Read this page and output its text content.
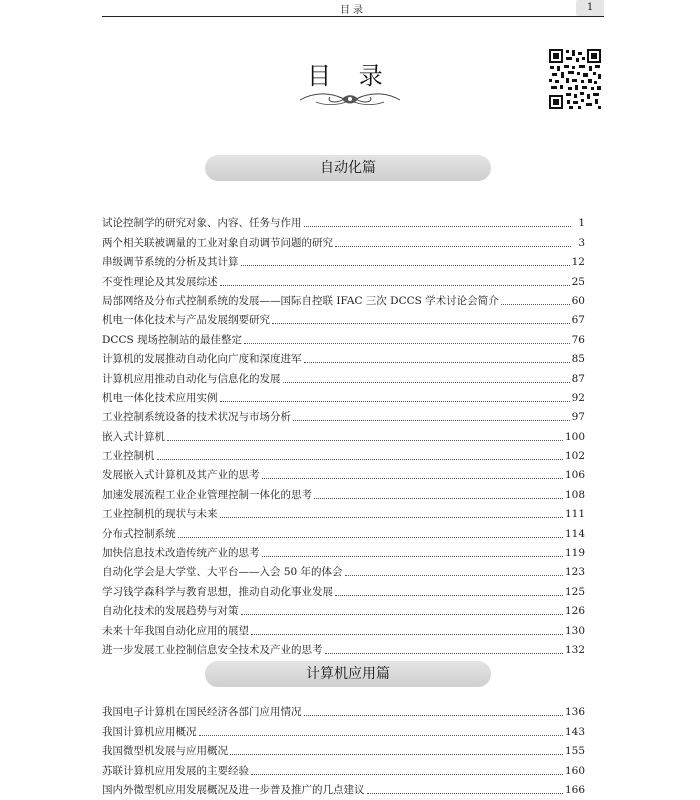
目录	1
目 录
自动化篇
试论控制学的研究对象、内容、任务与作用	1
两个相关联被调量的工业对象自动调节问题的研究	3
串级调节系统的分析及其计算	12
不变性理论及其发展综述	25
局部网络及分布式控制系统的发展——国际自控联 IFAC 三次 DCCS 学术讨论会简介	60
机电一体化技术与产品发展纲要研究	67
DCCS 现场控制站的最佳整定	76
计算机的发展推动自动化向广度和深度进军	85
计算机应用推动自动化与信息化的发展	87
机电一体化技术应用实例	92
工业控制系统设备的技术状况与市场分析	97
嵌入式计算机	100
工业控制机	102
发展嵌入式计算机及其产业的思考	106
加速发展流程工业企业管理控制一体化的思考	108
工业控制机的现状与未来	111
分布式控制系统	114
加快信息技术改造传统产业的思考	119
自动化学会是大学堂、大平台——入会 50 年的体会	123
学习钱学森科学与教育思想，推动自动化事业发展	125
自动化技术的发展趋势与对策	126
未来十年我国自动化应用的展望	130
进一步发展工业控制信息安全技术及产业的思考	132
计算机应用篇
我国电子计算机在国民经济各部门应用情况	136
我国计算机应用概况	143
我国微型机发展与应用概况	155
苏联计算机应用发展的主要经验	160
国内外微型机应用发展概况及进一步普及推广的几点建议	166
